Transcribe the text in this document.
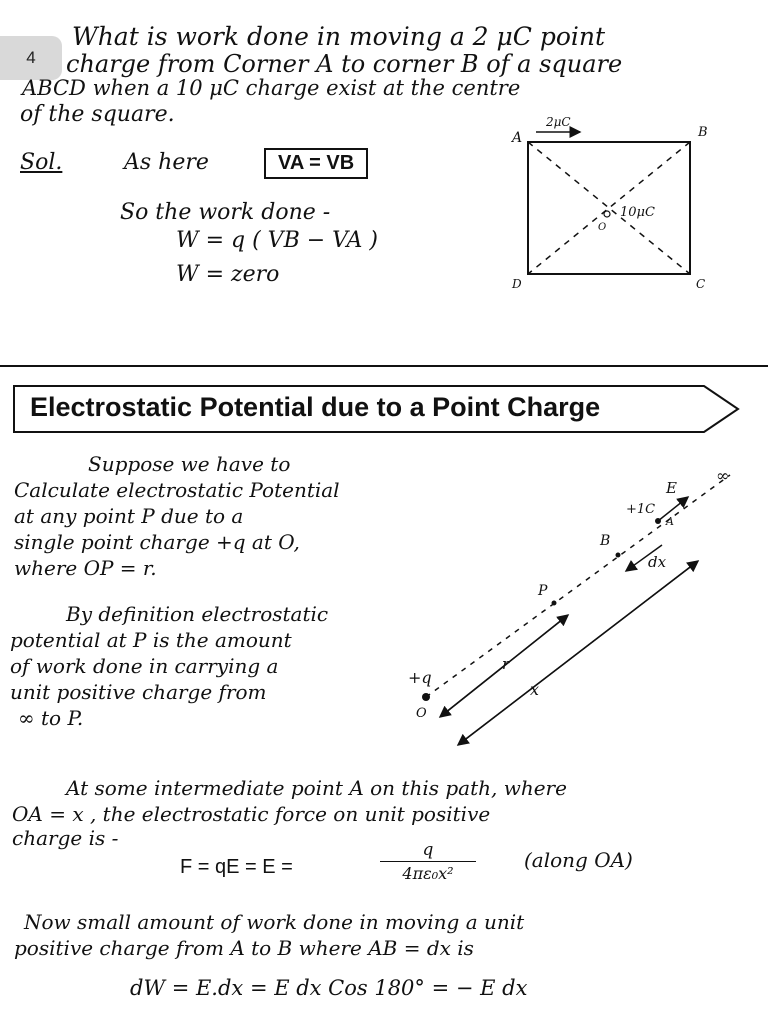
4
What is work done in moving a 2 μC point
charge from Corner A to corner B of a square
ABCD when a 10 μC charge exist at the centre
of the square.
Sol.	As here	VA = VB
So the work done -
W = q ( VB − VA )
W = zero
A	B
C
D
2μC
10μC
O
Electrostatic Potential due to a Point Charge
Suppose we have to
Calculate electrostatic Potential
at any point P due to a
single point charge +q at O,
where OP = r.
By definition electrostatic
potential at P is the amount
of work done in carrying a
unit positive charge from
∞ to P.
∞
E
+1C
A
B
dx
P
r
x
+q
O
At some intermediate point A on this path, where
OA = x , the electrostatic force on unit positive
charge is -
F = qE = E =	$\frac{q}{\text{4πε₀x²}}$ (along OA)
Now small amount of work done in moving a unit
positive charge from A to B where AB = dx is
dW = E.dx = E dx Cos 180° = − E dx
